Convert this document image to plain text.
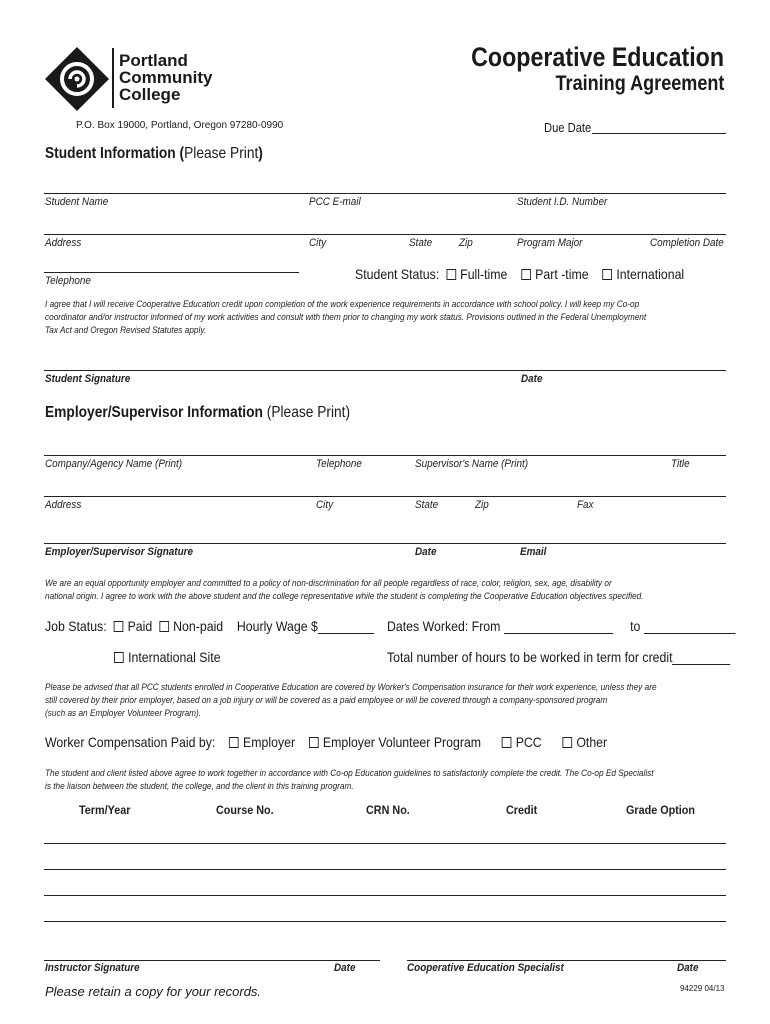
Portland
Community
College
Cooperative Education
Training Agreement
P.O. Box 19000, Portland, Oregon 97280-0990	Due Date
Student Information (Please Print)
Student Name	PCC E-mail	Student I.D. Number
Address	City	State Zip	Program Major	Completion Date
Telephone	Student Status:
Full-time
Part -time
International
I agree that I will receive Cooperative Education credit upon completion of the work experience requirements in accordance with school policy. I will keep my Co-op
coordinator and/or instructor informed of my work activities and consult with them prior to changing my work status. Provisions outlined in the Federal Unemployment
Tax Act and Oregon Revised Statutes apply.
Student Signature	Date
Employer/Supervisor Information (Please Print)
Company/Agency Name (Print)	Telephone	Supervisor's Name (Print)	Title
Address	City	State	Zip	Fax
Employer/Supervisor Signature	Date	Email
We are an equal opportunity employer and committed to a policy of non-discrimination for all people regardless of race, color, religion, sex, age, disability or
national origin. I agree to work with the above student and the college representative while the student is completing the Cooperative Education objectives specified.
Job Status:
Paid
Non-paid
Hourly Wage $	Dates Worked: From

	to

International Site	Total number of hours to be worked in term for credit
Please be advised that all PCC students enrolled in Cooperative Education are covered by Worker's Compensation insurance for their work experience, unless they are
still covered by their prior employer, based on a job injury or will be covered as a paid employee or will be covered through a company-sponsored program
(such as an Employer Volunteer Program).
Worker Compensation Paid by:
Employer
Employer Volunteer Program
PCC
Other
The student and client listed above agree to work together in accordance with Co-op Education guidelines to satisfactorily complete the credit. The Co-op Ed Specialist
is the liaison between the student, the college, and the client in this training program.
Term/Year	Course No.	CRN No.	Credit	Grade Option
Instructor Signature	Date	Cooperative Education Specialist	Date
Please retain a copy for your records.	94229 04/13
